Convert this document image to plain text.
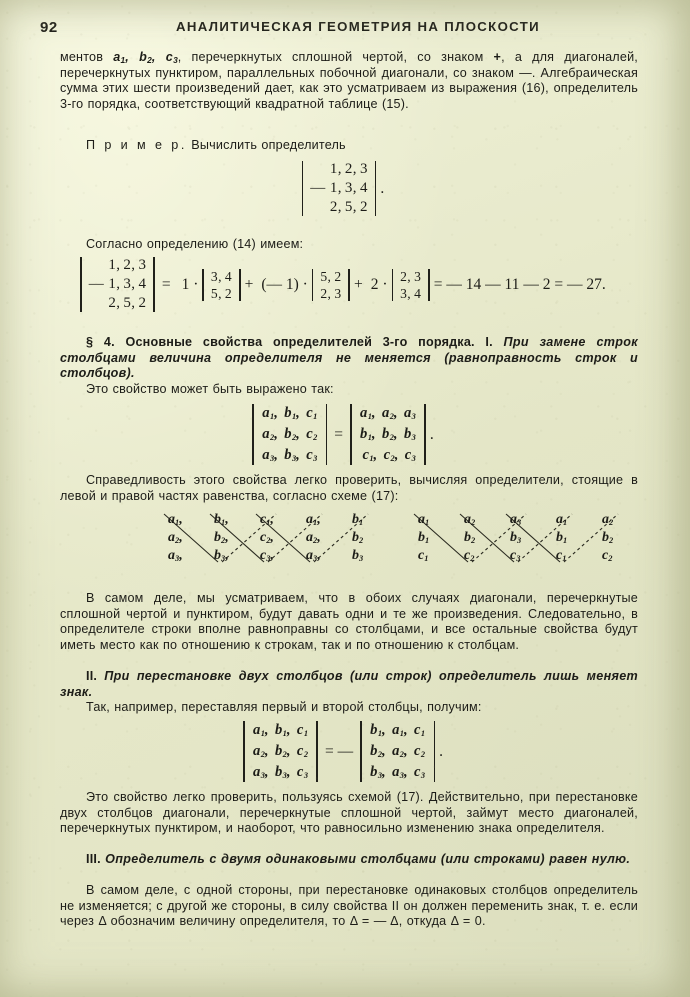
92	АНАЛИТИЧЕСКАЯ ГЕОМЕТРИЯ НА ПЛОСКОСТИ
ментов $a_1$, $b_2$, $c_3$, перечеркнутых сплошной чертой, со знаком +, а для диагоналей, перечеркнутых пунктиром, параллельных побочной диагонали, со знаком —. Алгебраическая сумма этих шести произведений дает, как это усматриваем из выражения (16), определитель 3-го порядка, соответствующий квадратной таблице (15).
П р и м е р. Вычислить определитель
1, 2, 3
— 1, 3, 4
2, 5, 2
.
Согласно определению (14) имеем:
1, 2, 3
— 1, 3, 4
2, 5, 2
= 1 · 3, 4
5, 2
+ (— 1) · 5, 2
2, 3
+ 2 · 2, 3
3, 4
= — 14 — 11 — 2 = — 27.
§ 4. Основные свойства определителей 3-го порядка. I. При замене строк столбцами величина определителя не меняется (равноправность строк и столбцов).
Это свойство может быть выражено так:
$a_1$, $b_1$, $c_1$
$a_2$, $b_2$, $c_2$
$a_3$, $b_3$, $c_3$
=
$a_1$, $a_2$, $a_3$
$b_1$, $b_2$, $b_3$
$c_1$, $c_2$, $c_3$
.
Справедливость этого свойства легко проверить, вычисляя определители, стоящие в левой и правой частях равенства, согласно схеме (17):
$a_1$, $b_1$, $c_1$, $a_1$, $b_1$
$a_2$, $b_2$, $c_2$, $a_2$, $b_2$
$a_3$, $b_3$, $c_3$, $a_3$, $b_3$
$a_1$ $a_2$ $a_3$ $a_1$ $a_2$
$b_1$ $b_2$ $b_3$ $b_1$ $b_2$
$c_1$	$c_2$	$c_3$	$c_1$	$c_2$
В самом деле, мы усматриваем, что в обоих случаях диагонали, перечеркнутые сплошной чертой и пунктиром, будут давать одни и те же произведения. Следовательно, в определителе строки вполне равноправны со столбцами, и все остальные свойства будут иметь место как по отношению к строкам, так и по отношению к столбцам.
II. При перестановке двух столбцов (или строк) определитель лишь меняет знак.
Так, например, переставляя первый и второй столбцы, получим:
$a_1$, $b_1$, $c_1$
$a_2$, $b_2$, $c_2$
$a_3$, $b_3$, $c_3$
= —
$b_1$, $a_1$, $c_1$
$b_2$, $a_2$, $c_2$
$b_3$, $a_3$, $c_3$
.
Это свойство легко проверить, пользуясь схемой (17). Действительно, при перестановке двух столбцов диагонали, перечеркнутые сплошной чертой, займут место диагоналей, перечеркнутых пунктиром, и наоборот, что равносильно изменению знака определителя.
III. Определитель с двумя одинаковыми столбцами (или строками) равен нулю.
В самом деле, с одной стороны, при перестановке одинаковых столбцов определитель не изменяется; с другой же стороны, в силу свойства II он должен переменить знак, т. е. если через Δ обозначим величину определителя, то Δ = — Δ, откуда Δ = 0.
